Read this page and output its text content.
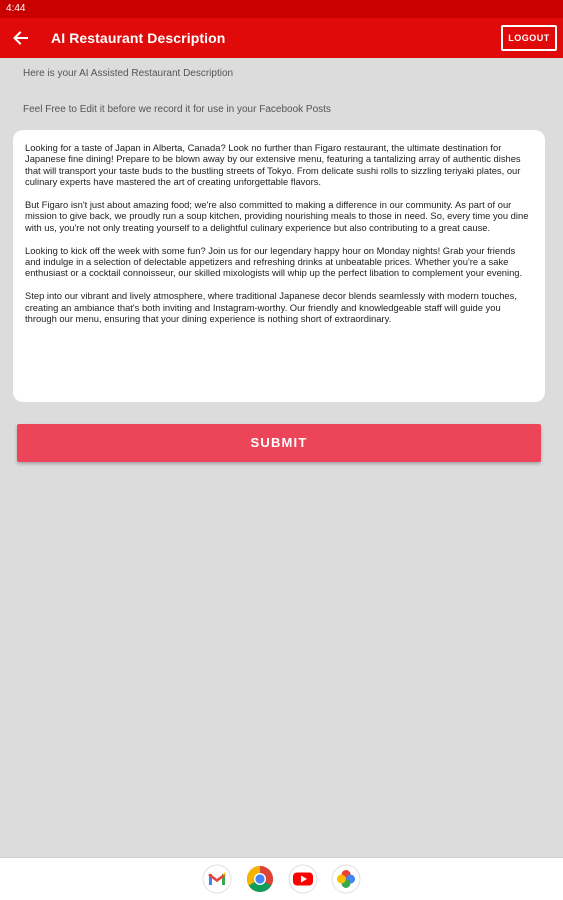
4:44
AI Restaurant Description	LOGOUT
Here is your AI Assisted Restaurant Description
Feel Free to Edit it before we record it for use in your Facebook Posts

Looking for a taste of Japan in Alberta, Canada? Look no further than Figaro restaurant, the ultimate destination for Japanese fine dining! Prepare to be blown away by our extensive menu, featuring a tantalizing array of authentic dishes that will transport your taste buds to the bustling streets of Tokyo. From delicate sushi rolls to sizzling teriyaki plates, our culinary experts have mastered the art of creating unforgettable flavors.

But Figaro isn't just about amazing food; we're also committed to making a difference in our community. As part of our mission to give back, we proudly run a soup kitchen, providing nourishing meals to those in need. So, every time you dine with us, you're not only treating yourself to a delightful culinary experience but also contributing to a great cause.

Looking to kick off the week with some fun? Join us for our legendary happy hour on Monday nights! Grab your friends and indulge in a selection of delectable appetizers and refreshing drinks at unbeatable prices. Whether you're a sake enthusiast or a cocktail connoisseur, our skilled mixologists will whip up the perfect libation to complement your evening.

Step into our vibrant and lively atmosphere, where traditional Japanese decor blends seamlessly with modern touches, creating an ambiance that's both inviting and Instagram-worthy. Our friendly and knowledgeable staff will guide you through our menu, ensuring that your dining experience is nothing short of extraordinary.

SUBMIT
